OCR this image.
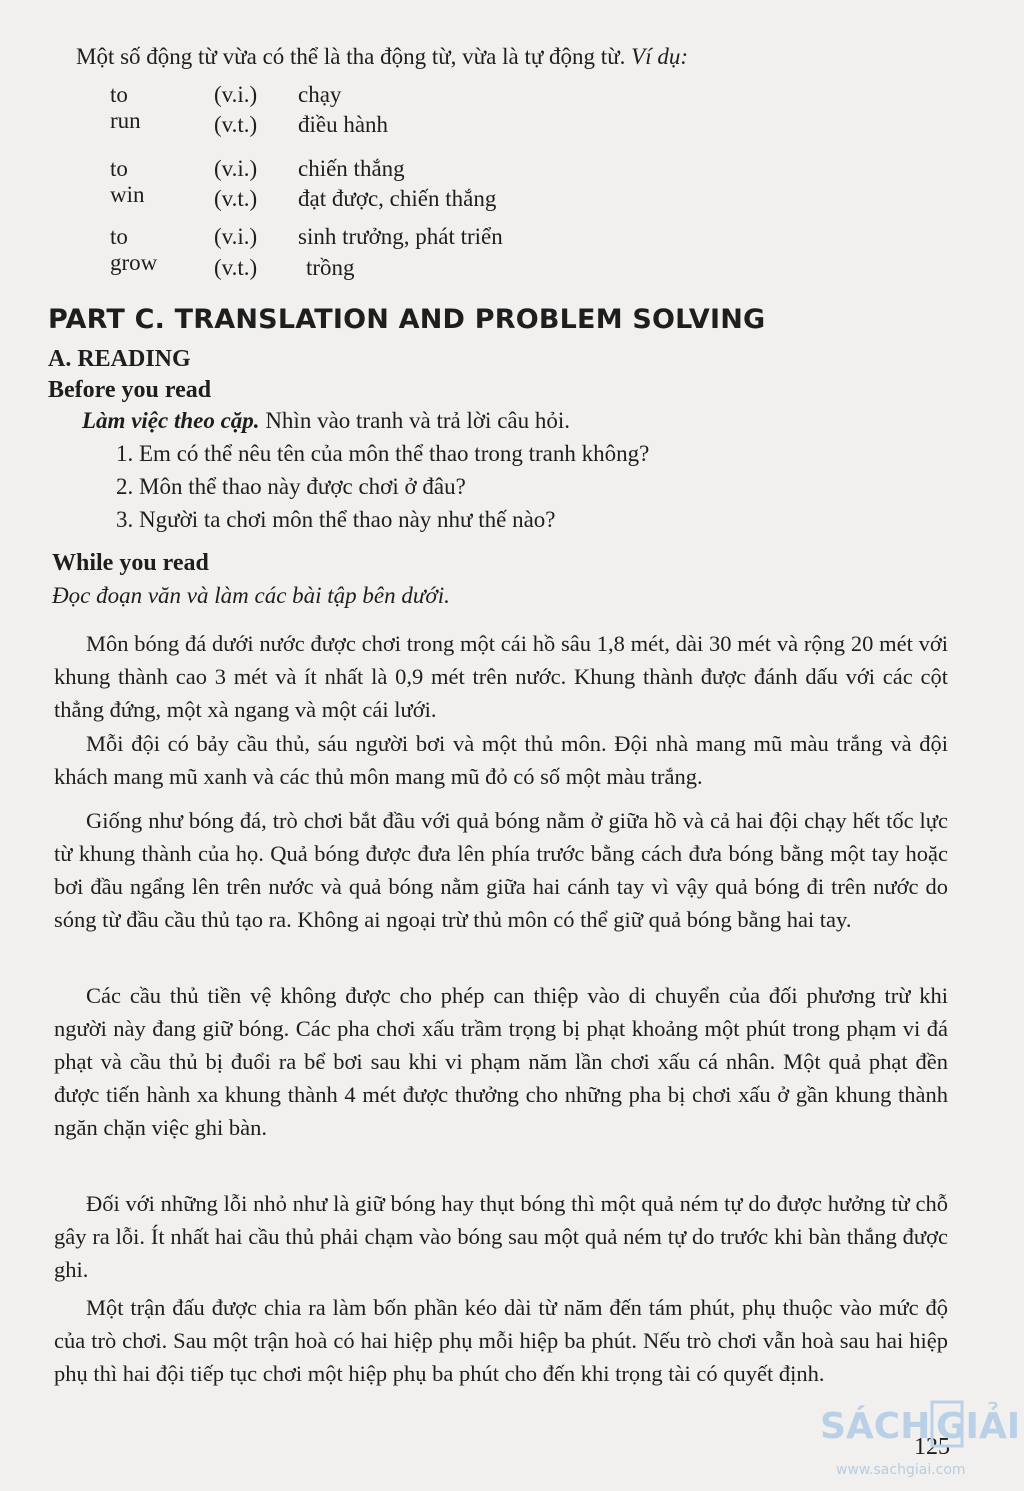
Một số động từ vừa có thể là tha động từ, vừa là tự động từ. Ví dụ:
to run
(v.i.) chạy
(v.t.) điều hành
to win
(v.i.) chiến thắng
(v.t.) đạt được, chiến thắng
to grow
(v.i.) sinh trưởng, phát triển
(v.t.) trồng
PART C. TRANSLATION AND PROBLEM SOLVING
A. READING
Before you read
Làm việc theo cặp. Nhìn vào tranh và trả lời câu hỏi.
1. Em có thể nêu tên của môn thể thao trong tranh không?
2. Môn thể thao này được chơi ở đâu?
3. Người ta chơi môn thể thao này như thế nào?
While you read
Đọc đoạn văn và làm các bài tập bên dưới.

Môn bóng đá dưới nước được chơi trong một cái hồ sâu 1,8 mét, dài 30 mét và rộng 20 mét với khung thành cao 3 mét và ít nhất là 0,9 mét trên nước. Khung thành được đánh dấu với các cột thẳng đứng, một xà ngang và một cái lưới.

Mỗi đội có bảy cầu thủ, sáu người bơi và một thủ môn. Đội nhà mang mũ màu trắng và đội khách mang mũ xanh và các thủ môn mang mũ đỏ có số một màu trắng.

Giống như bóng đá, trò chơi bắt đầu với quả bóng nằm ở giữa hồ và cả hai đội chạy hết tốc lực từ khung thành của họ. Quả bóng được đưa lên phía trước bằng cách đưa bóng bằng một tay hoặc bơi đầu ngẩng lên trên nước và quả bóng nằm giữa hai cánh tay vì vậy quả bóng đi trên nước do sóng từ đầu cầu thủ tạo ra. Không ai ngoại trừ thủ môn có thể giữ quả bóng bằng hai tay.

Các cầu thủ tiền vệ không được cho phép can thiệp vào di chuyển của đối phương trừ khi người này đang giữ bóng. Các pha chơi xấu trầm trọng bị phạt khoảng một phút trong phạm vi đá phạt và cầu thủ bị đuổi ra bể bơi sau khi vi phạm năm lần chơi xấu cá nhân. Một quả phạt đền được tiến hành xa khung thành 4 mét được thưởng cho những pha bị chơi xấu ở gần khung thành ngăn chặn việc ghi bàn.

Đối với những lỗi nhỏ như là giữ bóng hay thụt bóng thì một quả ném tự do được hưởng từ chỗ gây ra lỗi. Ít nhất hai cầu thủ phải chạm vào bóng sau một quả ném tự do trước khi bàn thắng được ghi.

Một trận đấu được chia ra làm bốn phần kéo dài từ năm đến tám phút, phụ thuộc vào mức độ của trò chơi. Sau một trận hoà có hai hiệp phụ mỗi hiệp ba phút. Nếu trò chơi vẫn hoà sau hai hiệp phụ thì hai đội tiếp tục chơi một hiệp phụ ba phút cho đến khi trọng tài có quyết định.

125
SÁCH GIẢI
www.sachgiai.com
